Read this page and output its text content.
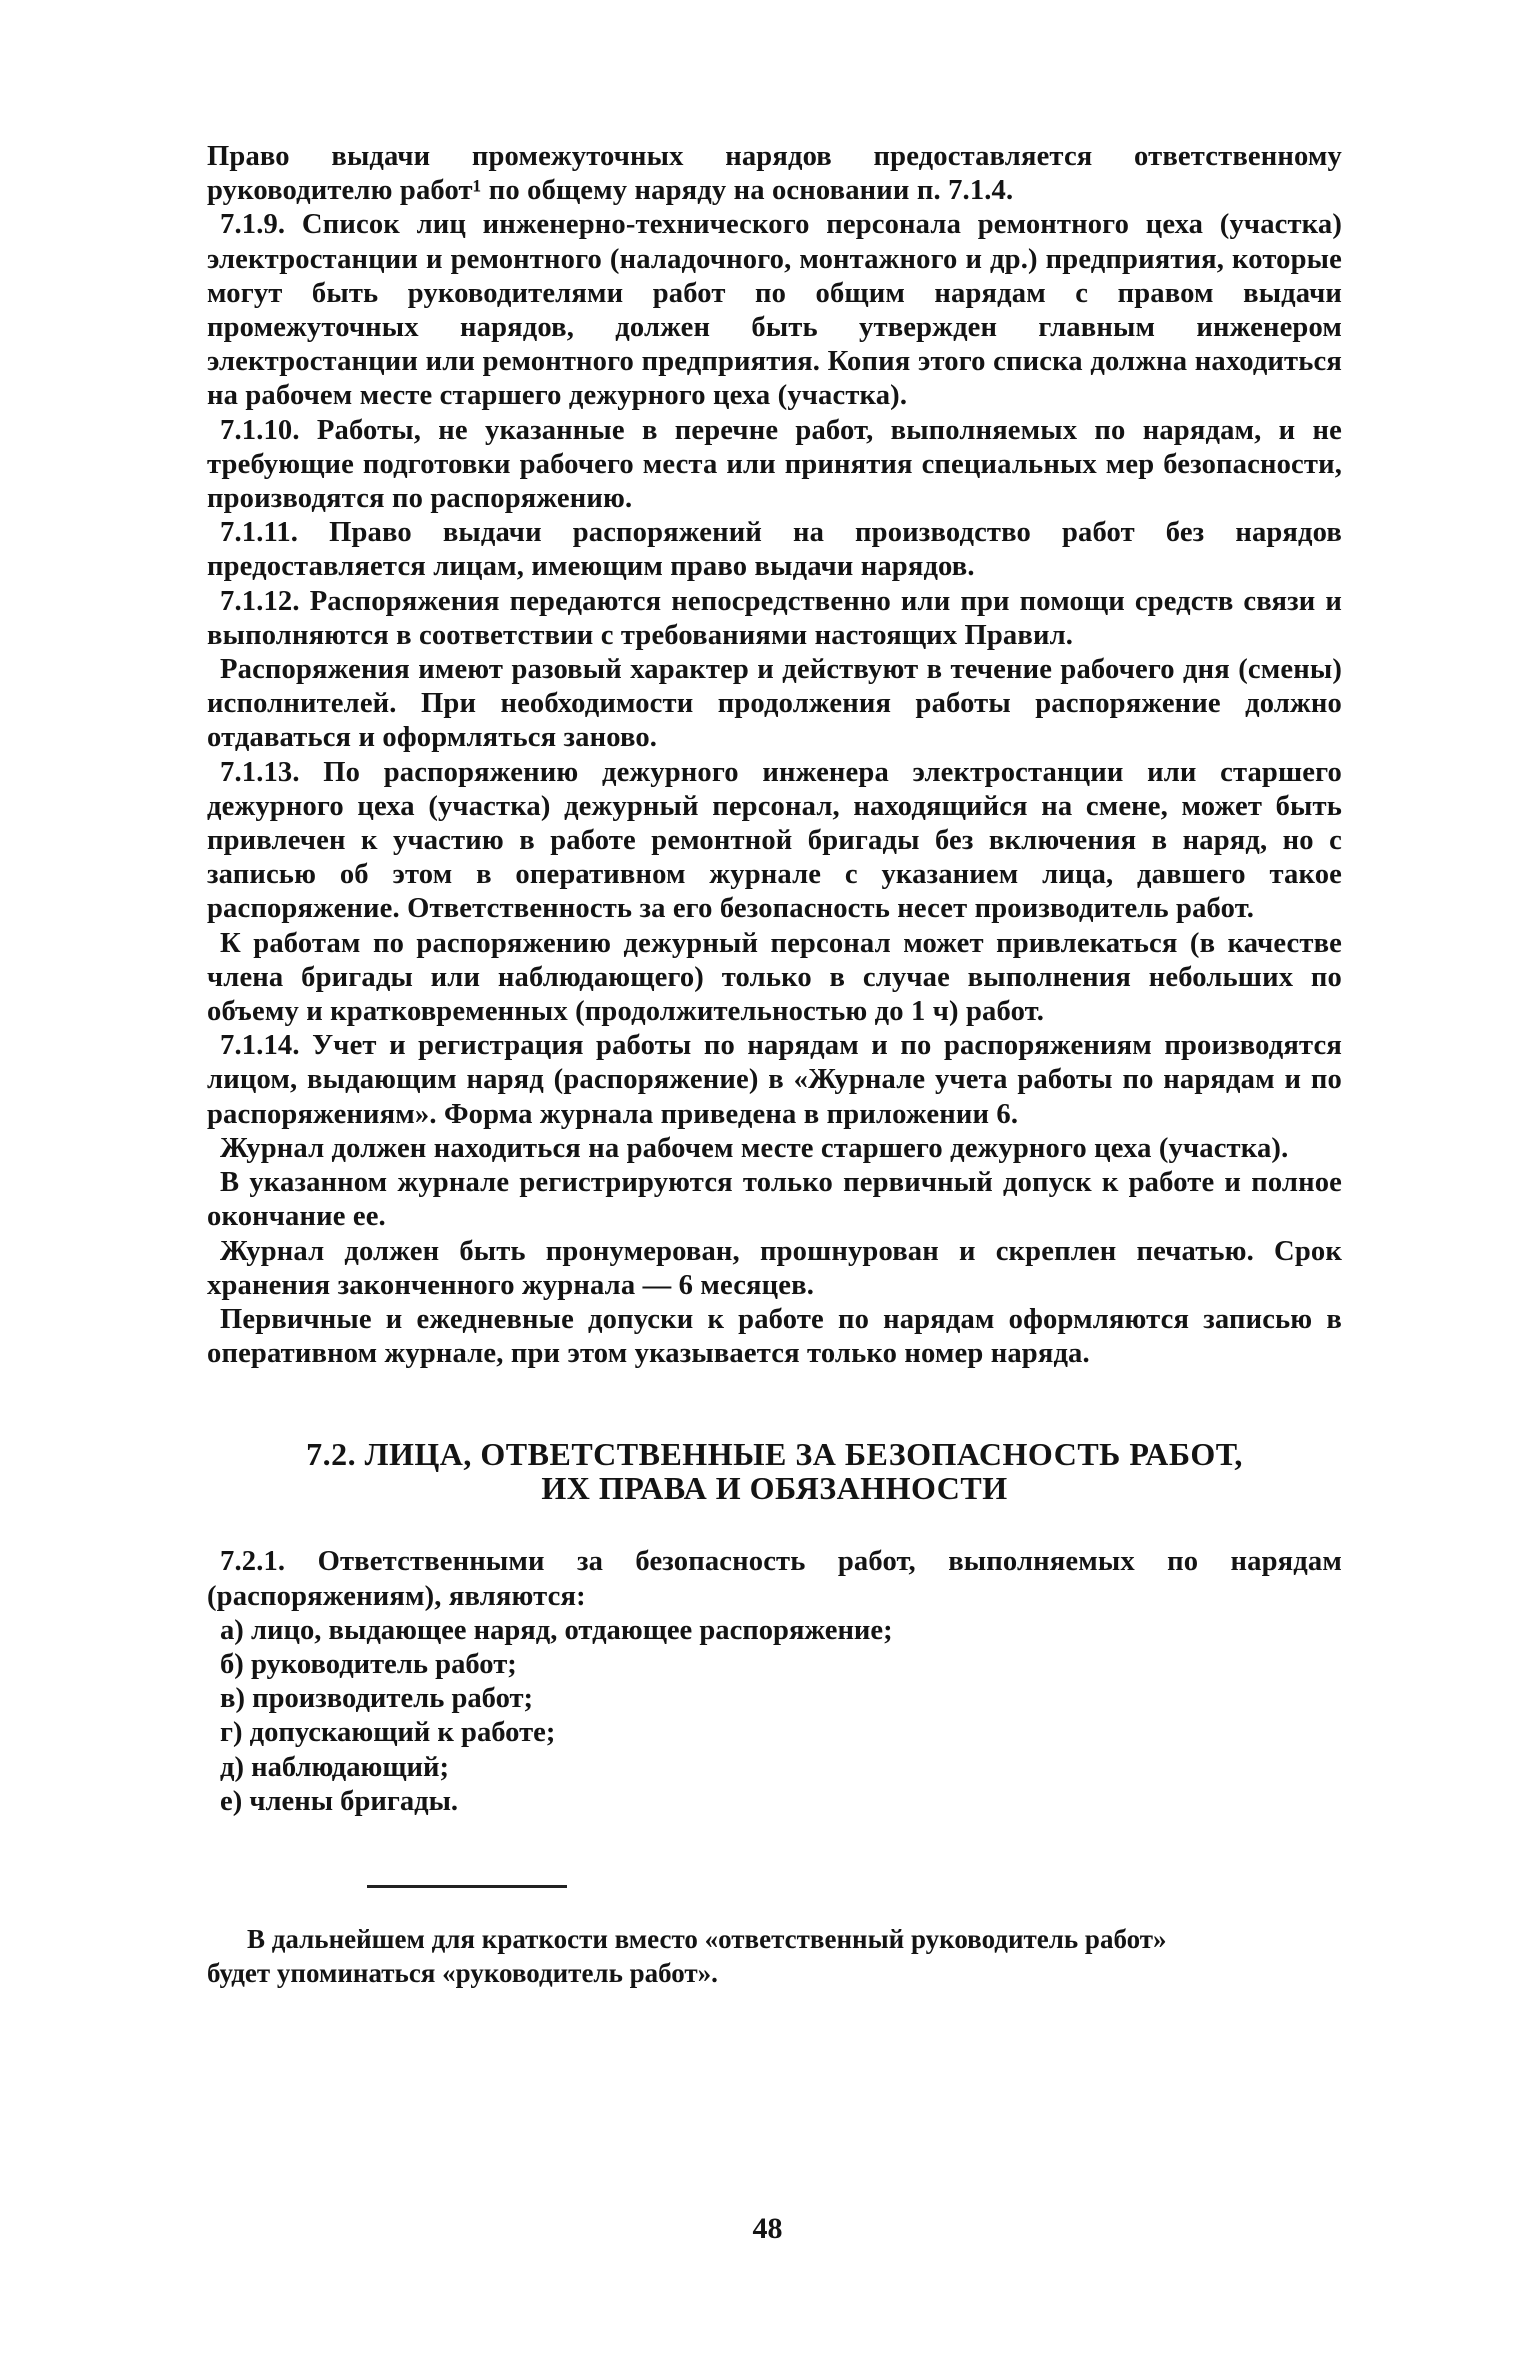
Право выдачи промежуточных нарядов предоставляется ответственному руководителю работ¹ по общему наряду на основании п. 7.1.4.

7.1.9. Список лиц инженерно-технического персонала ремонтного цеха (участка) электростанции и ремонтного (наладочного, монтажного и др.) предприятия, которые могут быть руководителями работ по общим нарядам с правом выдачи промежуточных нарядов, должен быть утвержден главным инженером электростанции или ремонтного предприятия. Копия этого списка должна находиться на рабочем месте старшего дежурного цеха (участка).

7.1.10. Работы, не указанные в перечне работ, выполняемых по нарядам, и не требующие подготовки рабочего места или принятия специальных мер безопасности, производятся по распоряжению.

7.1.11. Право выдачи распоряжений на производство работ без нарядов предоставляется лицам, имеющим право выдачи нарядов.

7.1.12. Распоряжения передаются непосредственно или при помощи средств связи и выполняются в соответствии с требованиями настоящих Правил.

Распоряжения имеют разовый характер и действуют в течение рабочего дня (смены) исполнителей. При необходимости продолжения работы распоряжение должно отдаваться и оформляться заново.

7.1.13. По распоряжению дежурного инженера электростанции или старшего дежурного цеха (участка) дежурный персонал, находящийся на смене, может быть привлечен к участию в работе ремонтной бригады без включения в наряд, но с записью об этом в оперативном журнале с указанием лица, давшего такое распоряжение. Ответственность за его безопасность несет производитель работ.

К работам по распоряжению дежурный персонал может привлекаться (в качестве члена бригады или наблюдающего) только в случае выполнения небольших по объему и кратковременных (продолжительностью до 1 ч) работ.

7.1.14. Учет и регистрация работы по нарядам и по распоряжениям производятся лицом, выдающим наряд (распоряжение) в «Журнале учета работы по нарядам и по распоряжениям». Форма журнала приведена в приложении 6.

Журнал должен находиться на рабочем месте старшего дежурного цеха (участка).

В указанном журнале регистрируются только первичный допуск к работе и полное окончание ее.

Журнал должен быть пронумерован, прошнурован и скреплен печатью. Срок хранения законченного журнала — 6 месяцев.

Первичные и ежедневные допуски к работе по нарядам оформляются записью в оперативном журнале, при этом указывается только номер наряда.

7.2. ЛИЦА, ОТВЕТСТВЕННЫЕ ЗА БЕЗОПАСНОСТЬ РАБОТ,
ИХ ПРАВА И ОБЯЗАННОСТИ

7.2.1. Ответственными за безопасность работ, выполняемых по нарядам (распоряжениям), являются:

а) лицо, выдающее наряд, отдающее распоряжение;
б) руководитель работ;
в) производитель работ;
г) допускающий к работе;
д) наблюдающий;
е) члены бригады.
В дальнейшем для краткости вместо «ответственный руководитель работ»
будет упоминаться «руководитель работ».
48
